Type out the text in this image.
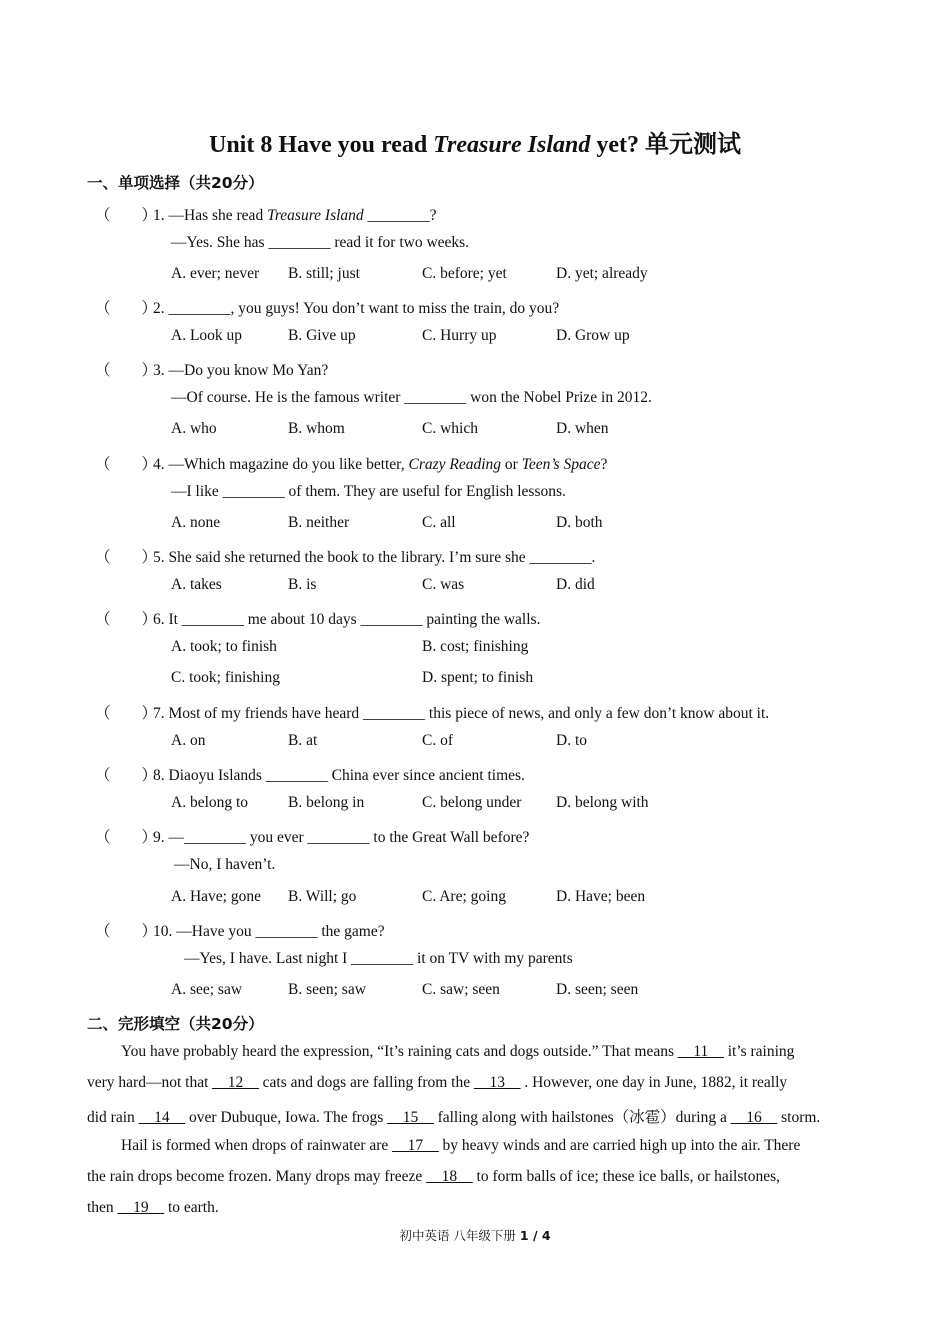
Unit 8 Have you read Treasure Island yet? 单元测试
一、单项选择（共20分）
（　　）1. —Has she read Treasure Island ________?
—Yes. She has ________ read it for two weeks.
A. ever; never B. still; just	C. before; yet	D. yet; already
（　　）2. ________, you guys! You don’t want to miss the train, do you?
A. Look up	B. Give up	C. Hurry up	D. Grow up
（　　）3. —Do you know Mo Yan?
—Of course. He is the famous writer ________ won the Nobel Prize in 2012.
A. who	B. whom	C. which	D. when
（　　）4. —Which magazine do you like better, Crazy Reading or Teen’s Space?
—I like ________ of them. They are useful for English lessons.
A. none	B. neither	C. all	D. both
（　　）5. She said she returned the book to the library. I’m sure she ________.
A. takes	B. is	C. was	D. did
（　　）6. It ________ me about 10 days ________ painting the walls.
A. took; to finish	B. cost; finishing
C. took; finishing	D. spent; to finish
（　　）7. Most of my friends have heard ________ this piece of news, and only a few don’t know about it.
A. on	B. at	C. of	D. to
（　　）8. Diaoyu Islands ________ China ever since ancient times.
A. belong to	B. belong in	C. belong under D. belong with
（　　）9. —________ you ever ________ to the Great Wall before?
—No, I haven’t.
A. Have; gone B. Will; go	C. Are; going	D. Have; been
（　　）10. —Have you ________ the game?
—Yes, I have. Last night I ________ it on TV with my parents
A. see; saw	B. seen; saw	C. saw; seen	D. seen; seen
二、完形填空（共20分）
You have probably heard the expression, “It’s raining cats and dogs outside.” That means __11__ it’s raining
very hard—not that __12__ cats and dogs are falling from the __13__ . However, one day in June, 1882, it really
did rain __14__ over Dubuque, Iowa. The frogs __15__ falling along with hailstones（冰雹）during a __16__ storm.
Hail is formed when drops of rainwater are __17__ by heavy winds and are carried high up into the air. There
the rain drops become frozen. Many drops may freeze __18__ to form balls of ice; these ice balls, or hailstones,
then __19__ to earth.
初中英语 八年级下册 1 / 4
